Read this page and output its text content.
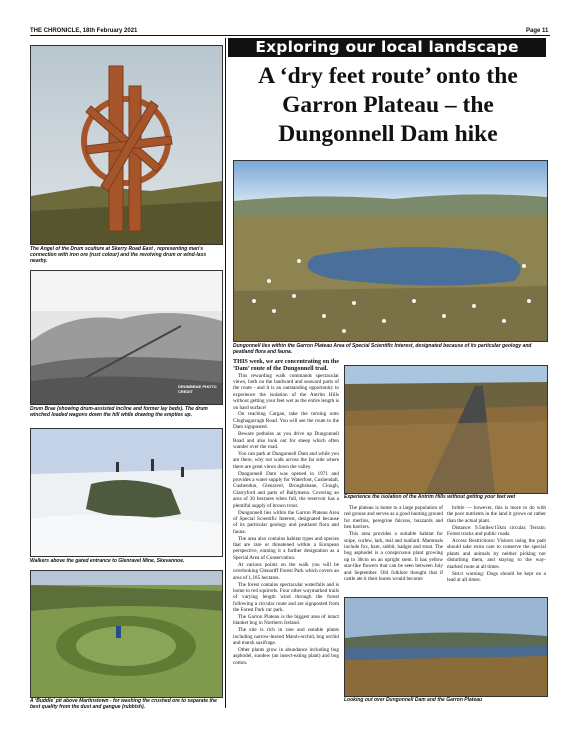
THE CHRONICLE, 18th February 2021	Page 11
Exploring our local landscape
A ‘dry feet route’ onto the Garron Plateau – the Dungonnell Dam hike
The Angel of the Drum sculture at Skerry Road East , representing man's connection with iron ore (rust colour) and the revolving drum or wind-lass nearby.
DRUMBRAE PHOTO CREDIT
Drum Brae (showing drum-assisted incline and former lay beds). The drum winched loaded wagons down the hill while drawing the empties up.
Walkers above the gated entrance to Glenravel Mine, Skevannoe.
A ‘Buddle’ pit above Martinstown - for washing the crushed ore to separate the best quality from the dust and gangue (rubbish).
Dungonnell lies within the Garron Plateau Area of Special Scientific Interest, designated because of its particular geology and peatland flora and fauna.
Experience the isolation of the Antrim Hills without getting your feet wet
Looking out over Dungonnell Dam and the Garron Plateau

THIS week, we are concentrating on the ‘Dam’ route of the Dungonnell trail.

This rewarding walk commands spectacular views, both on the landward and seaward parts of the route - and it is an outstanding opportunity to experience the isolation of the Antrim Hills without getting your feet wet as the entire length is on hard surface!

On reaching Cargan, take the turning onto Cloghagacragh Road. You will see the route to the Dam signposted.

Beware potholes as you drive up Dungonnell Road and also look out for sheep which often wander over the road.

You can park at Dungonnell Dam and while you are there, why not walk across the far side where there are great views down the valley.

Dungonnell Dam was opened in 1971 and provides a water supply for Waterfoot, Cushendall, Cushendun, Glenravel, Broughshane, Clough, Glarryford and parts of Ballymena. Covering an area of 30 hectares when full, the reservoir has a plentiful supply of brown trout.

Dungonnell lies within the Garron Plateau Area of Special Scientific Interest, designated because of its particular geology and peatland flora and fauna.

The area also contains habitat types and species that are rare or threatened within a European perspective, earning it a further designation as a Special Area of Conservation.

At various points on the walk you will be overlooking Glenariff Forest Park which covers an area of 1,185 hectares.

The forest contains spectacular waterfalls and is home to red squirrels. Four other waymarked trails of varying length wind through the forest following a circular route and are signposted from the Forest Park car park.

The Garron Plateau is the biggest area of intact blanket bog in Northern Ireland.

The site is rich in rare and notable plants including narrow-leaved Marsh-orchid, bog orchid and marsh saxifrage.

Other plants grow in abundance including bog asphodel, sundew (an insect-eating plant) and bog cotton.

The plateau is home to a large population of red grouse and serves as a good hunting ground for merlins, peregrine falcons, buzzards and hen harriers.

This area provides a suitable habitat for snipe, curlew, lark, teal and mallard. Mammals include fox, hare, rabbit, badger and stoat. The bog asphodel is a conspicuous plant growing up to 30cm on an upright stem. It has yellow star-like flowers that can be seen between July and September. Old folklore thought that if cattle ate it their bones would become

brittle — however, this is more to do with the poor nutrients in the land it grows on rather than the actual plant.

Distance: 9.5miles/15km circular. Terrain: Forest tracks and public roads.

Access Restrictions: Visitors using the path should take extra care to conserve the special plants and animals by neither picking nor disturbing them, and staying to the way-marked route at all times.

Strict warning: Dogs should be kept on a lead at all times.
